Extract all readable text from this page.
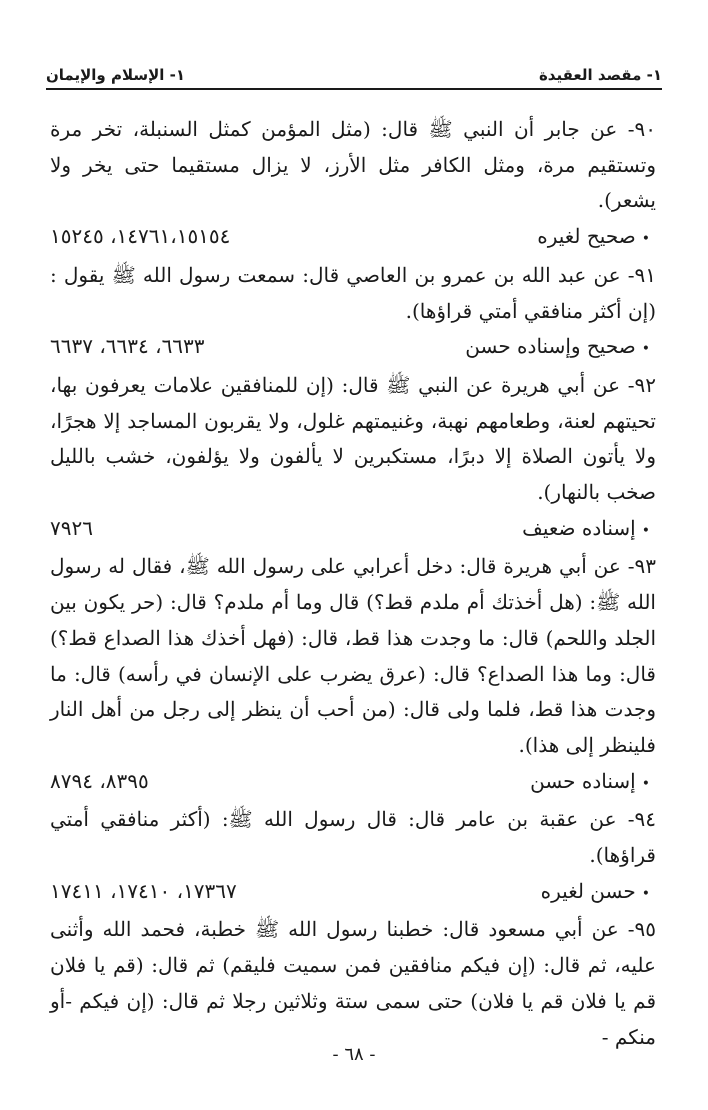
١- مقصد العقيدة
١- الإسلام والإيمان

٩٠- عن جابر أن النبي ﷺ قال: (مثل المؤمن كمثل السنبلة، تخر مرة وتستقيم مرة، ومثل الكافر مثل الأرز، لا يزال مستقيما حتى يخر ولا يشعر).

•
صحيح لغيره
١٤٧٦١،١٥١٥٤، ١٥٢٤٥

٩١- عن عبد الله بن عمرو بن العاصي قال: سمعت رسول الله ﷺ يقول : (إن أكثر منافقي أمتي قراؤها).

•
صحيح وإسناده حسن
٦٦٣٣، ٦٦٣٤، ٦٦٣٧

٩٢- عن أبي هريرة عن النبي ﷺ قال: (إن للمنافقين علامات يعرفون بها، تحيتهم لعنة، وطعامهم نهبة، وغنيمتهم غلول، ولا يقربون المساجد إلا هجرًا، ولا يأتون الصلاة إلا دبرًا، مستكبرين لا يألفون ولا يؤلفون، خشب بالليل صخب بالنهار).

•
إسناده ضعيف
٧٩٢٦

٩٣- عن أبي هريرة قال: دخل أعرابي على رسول الله ﷺ، فقال له رسول الله ﷺ: (هل أخذتك أم ملدم قط؟) قال وما أم ملدم؟ قال: (حر يكون بين الجلد واللحم) قال: ما وجدت هذا قط، قال: (فهل أخذك هذا الصداع قط؟) قال: وما هذا الصداع؟ قال: (عرق يضرب على الإنسان في رأسه) قال: ما وجدت هذا قط، فلما ولى قال: (من أحب أن ينظر إلى رجل من أهل النار فلينظر إلى هذا).

•
إسناده حسن
٨٣٩٥، ٨٧٩٤

٩٤- عن عقبة بن عامر قال: قال رسول الله ﷺ: (أكثر منافقي أمتي قراؤها).

•
حسن لغيره
١٧٣٦٧، ١٧٤١٠، ١٧٤١١

٩٥- عن أبي مسعود قال: خطبنا رسول الله ﷺ خطبة، فحمد الله وأثنى عليه، ثم قال: (إن فيكم منافقين فمن سميت فليقم) ثم قال: (قم يا فلان قم يا فلان قم يا فلان) حتى سمى ستة وثلاثين رجلا ثم قال: (إن فيكم -أو منكم -

- ٦٨ -
